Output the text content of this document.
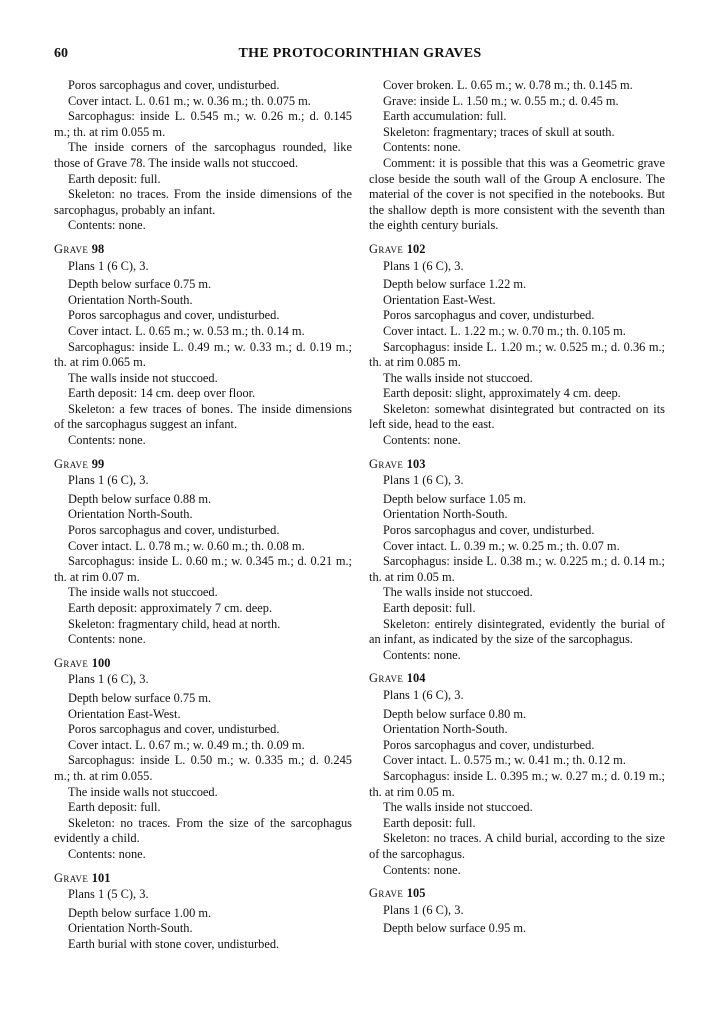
60	THE PROTOCORINTHIAN GRAVES

Poros sarcophagus and cover, undisturbed.

Cover intact. L. 0.61 m.; w. 0.36 m.; th. 0.075 m.

Sarcophagus: inside L. 0.545 m.; w. 0.26 m.; d. 0.145 m.; th. at rim 0.055 m.

The inside corners of the sarcophagus rounded, like those of Grave 78. The inside walls not stuccoed.

Earth deposit: full.

Skeleton: no traces. From the inside dimensions of the sarcophagus, probably an infant.

Contents: none.

Grave 98

Plans 1 (6 C), 3.

Depth below surface 0.75 m.

Orientation North-South.

Poros sarcophagus and cover, undisturbed.

Cover intact. L. 0.65 m.; w. 0.53 m.; th. 0.14 m.

Sarcophagus: inside L. 0.49 m.; w. 0.33 m.; d. 0.19 m.; th. at rim 0.065 m.

The walls inside not stuccoed.

Earth deposit: 14 cm. deep over floor.

Skeleton: a few traces of bones. The inside dimensions of the sarcophagus suggest an infant.

Contents: none.

Grave 99

Plans 1 (6 C), 3.

Depth below surface 0.88 m.

Orientation North-South.

Poros sarcophagus and cover, undisturbed.

Cover intact. L. 0.78 m.; w. 0.60 m.; th. 0.08 m.

Sarcophagus: inside L. 0.60 m.; w. 0.345 m.; d. 0.21 m.; th. at rim 0.07 m.

The inside walls not stuccoed.

Earth deposit: approximately 7 cm. deep.

Skeleton: fragmentary child, head at north.

Contents: none.

Grave 100

Plans 1 (6 C), 3.

Depth below surface 0.75 m.

Orientation East-West.

Poros sarcophagus and cover, undisturbed.

Cover intact. L. 0.67 m.; w. 0.49 m.; th. 0.09 m.

Sarcophagus: inside L. 0.50 m.; w. 0.335 m.; d. 0.245 m.; th. at rim 0.055.

The inside walls not stuccoed.

Earth deposit: full.

Skeleton: no traces. From the size of the sarcophagus evidently a child.

Contents: none.

Grave 101

Plans 1 (5 C), 3.

Depth below surface 1.00 m.

Orientation North-South.

Earth burial with stone cover, undisturbed.

Cover broken. L. 0.65 m.; w. 0.78 m.; th. 0.145 m.

Grave: inside L. 1.50 m.; w. 0.55 m.; d. 0.45 m.

Earth accumulation: full.

Skeleton: fragmentary; traces of skull at south.

Contents: none.

Comment: it is possible that this was a Geometric grave close beside the south wall of the Group A enclosure. The material of the cover is not specified in the notebooks. But the shallow depth is more consistent with the seventh than the eighth century burials.

Grave 102

Plans 1 (6 C), 3.

Depth below surface 1.22 m.

Orientation East-West.

Poros sarcophagus and cover, undisturbed.

Cover intact. L. 1.22 m.; w. 0.70 m.; th. 0.105 m.

Sarcophagus: inside L. 1.20 m.; w. 0.525 m.; d. 0.36 m.; th. at rim 0.085 m.

The walls inside not stuccoed.

Earth deposit: slight, approximately 4 cm. deep.

Skeleton: somewhat disintegrated but contracted on its left side, head to the east.

Contents: none.

Grave 103

Plans 1 (6 C), 3.

Depth below surface 1.05 m.

Orientation North-South.

Poros sarcophagus and cover, undisturbed.

Cover intact. L. 0.39 m.; w. 0.25 m.; th. 0.07 m.

Sarcophagus: inside L. 0.38 m.; w. 0.225 m.; d. 0.14 m.; th. at rim 0.05 m.

The walls inside not stuccoed.

Earth deposit: full.

Skeleton: entirely disintegrated, evidently the burial of an infant, as indicated by the size of the sarcophagus.

Contents: none.

Grave 104

Plans 1 (6 C), 3.

Depth below surface 0.80 m.

Orientation North-South.

Poros sarcophagus and cover, undisturbed.

Cover intact. L. 0.575 m.; w. 0.41 m.; th. 0.12 m.

Sarcophagus: inside L. 0.395 m.; w. 0.27 m.; d. 0.19 m.; th. at rim 0.05 m.

The walls inside not stuccoed.

Earth deposit: full.

Skeleton: no traces. A child burial, according to the size of the sarcophagus.

Contents: none.

Grave 105

Plans 1 (6 C), 3.

Depth below surface 0.95 m.
